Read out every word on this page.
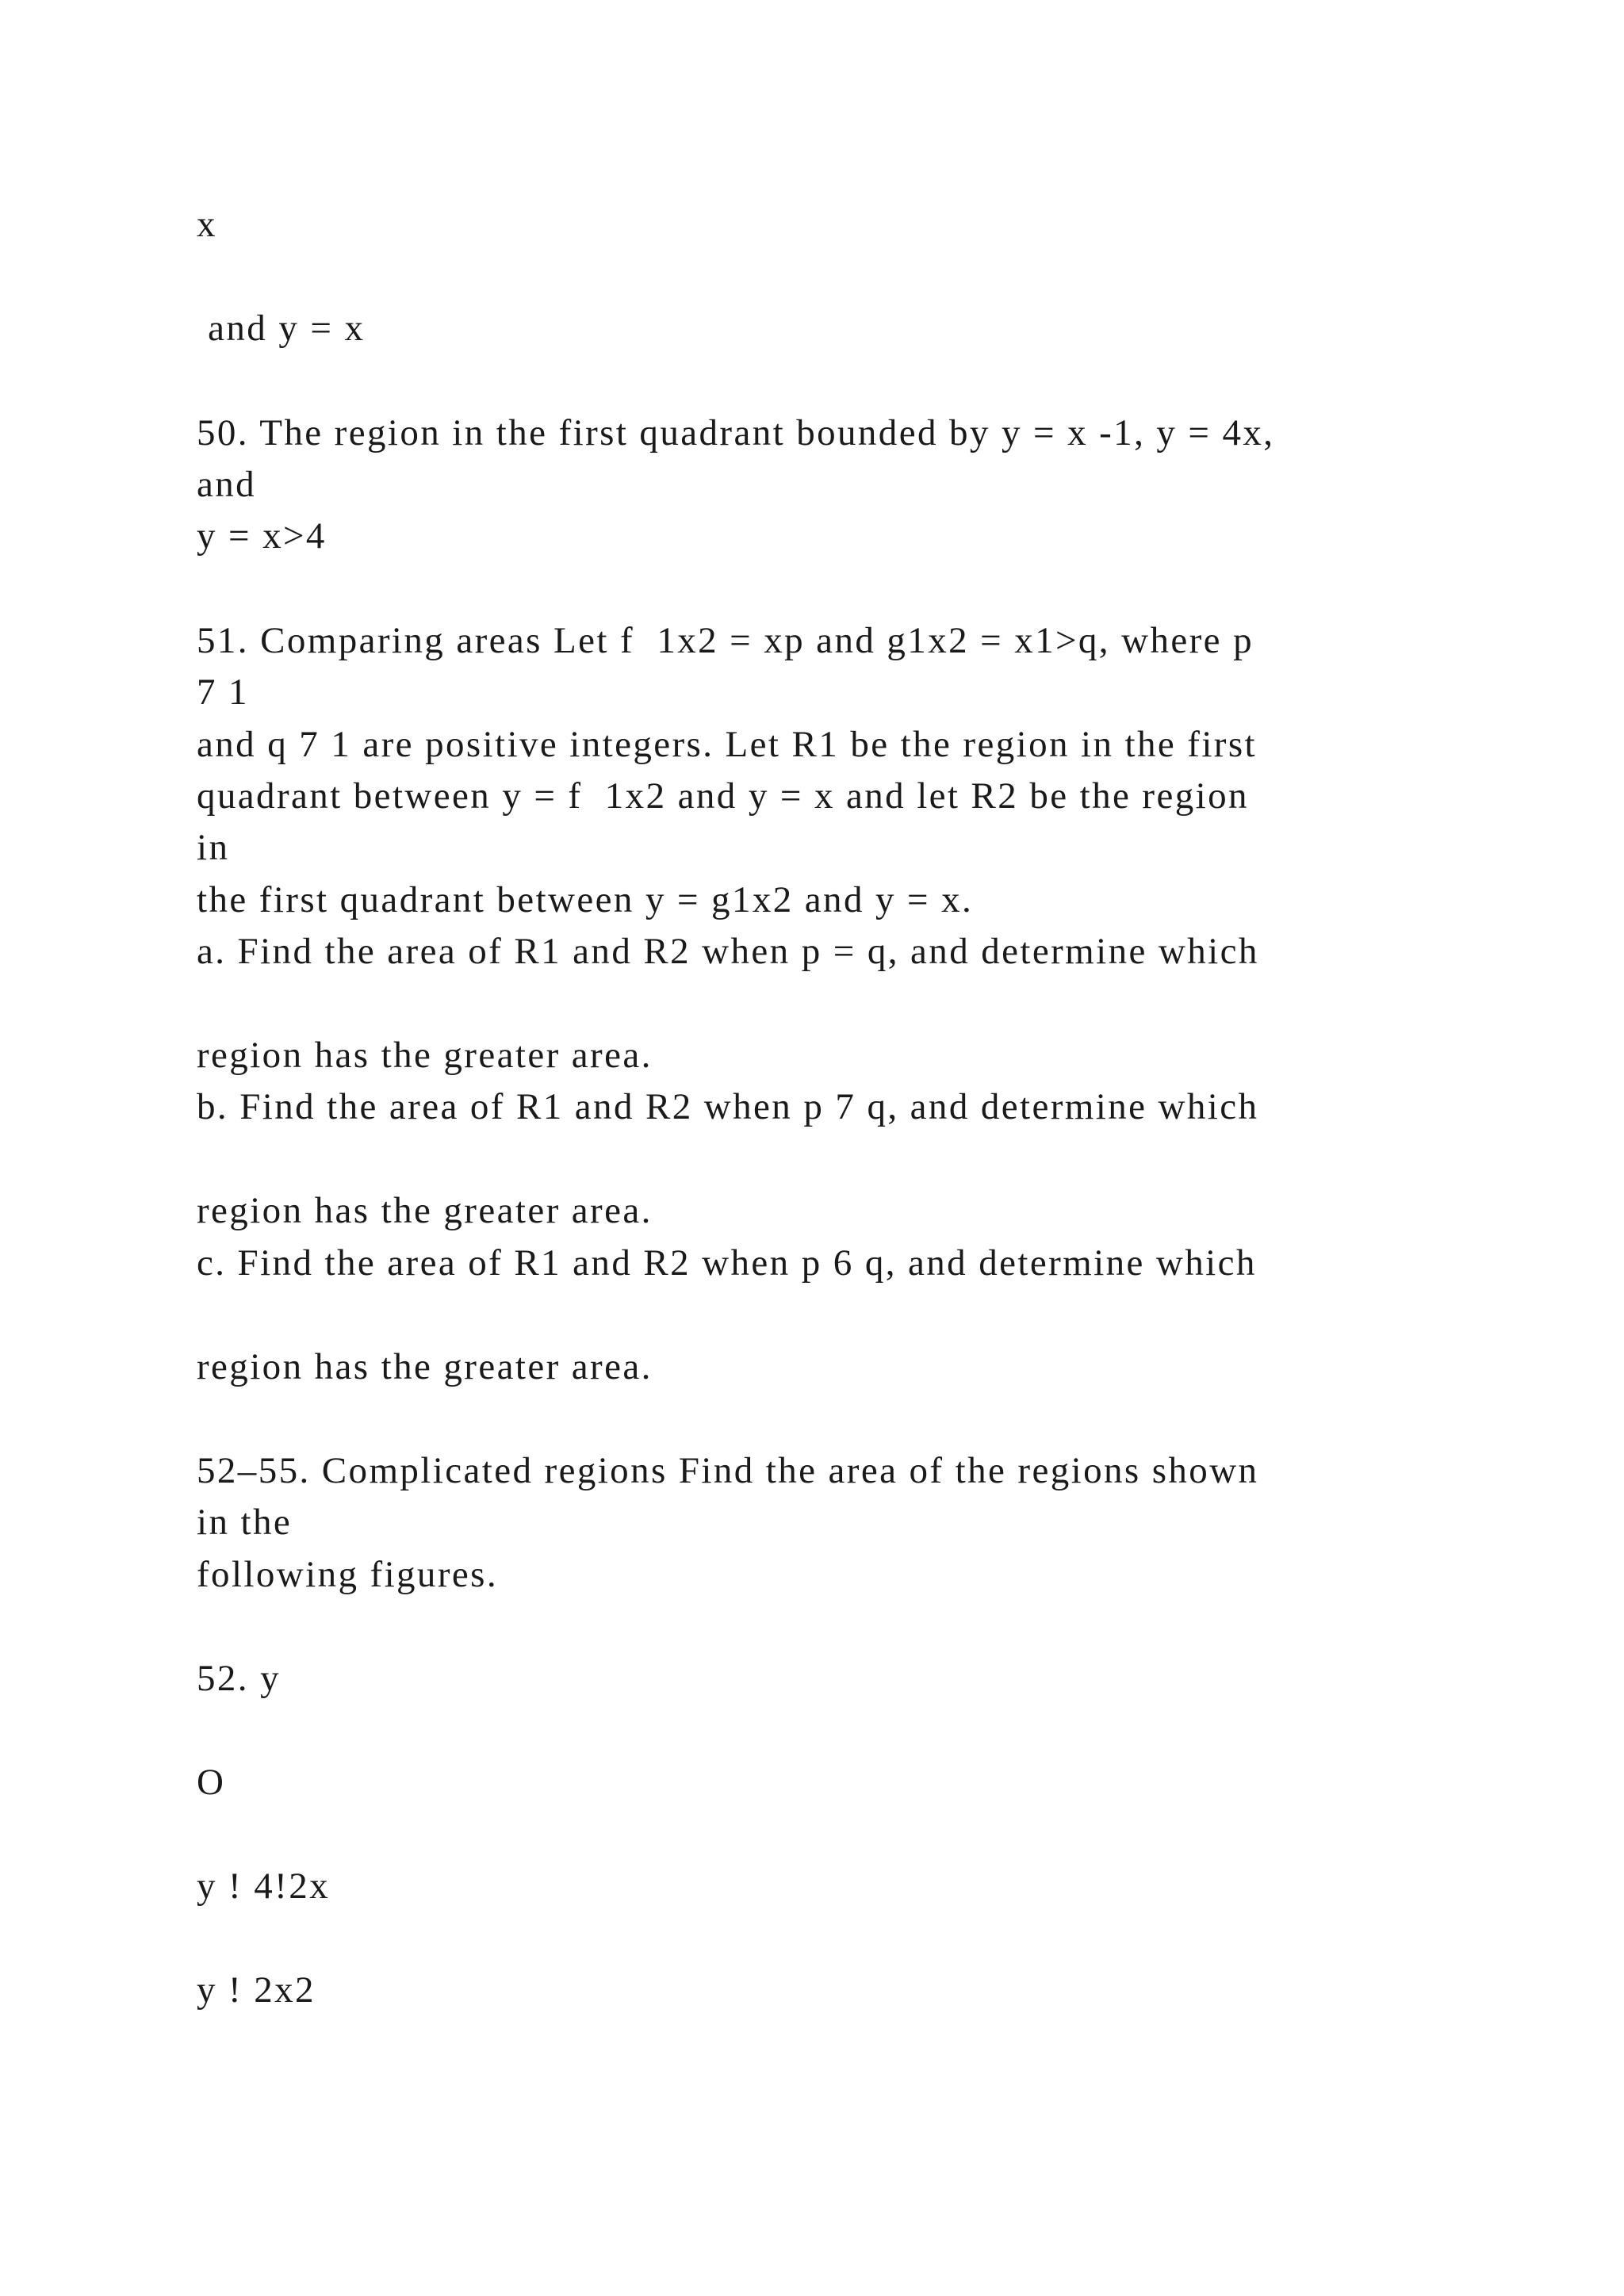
x

and y = x

50. The region in the first quadrant bounded by y = x -1, y = 4x,

and

y = x>4

51. Comparing areas Let f  1x2 = xp and g1x2 = x1>q, where p

7 1

and q 7 1 are positive integers. Let R1 be the region in the first

quadrant between y = f  1x2 and y = x and let R2 be the region

in

the first quadrant between y = g1x2 and y = x.

a. Find the area of R1 and R2 when p = q, and determine which

region has the greater area.

b. Find the area of R1 and R2 when p 7 q, and determine which

region has the greater area.

c. Find the area of R1 and R2 when p 6 q, and determine which

region has the greater area.

52–55. Complicated regions Find the area of the regions shown

in the

following figures.

52. y

O

y ! 4!2x

y ! 2x2
